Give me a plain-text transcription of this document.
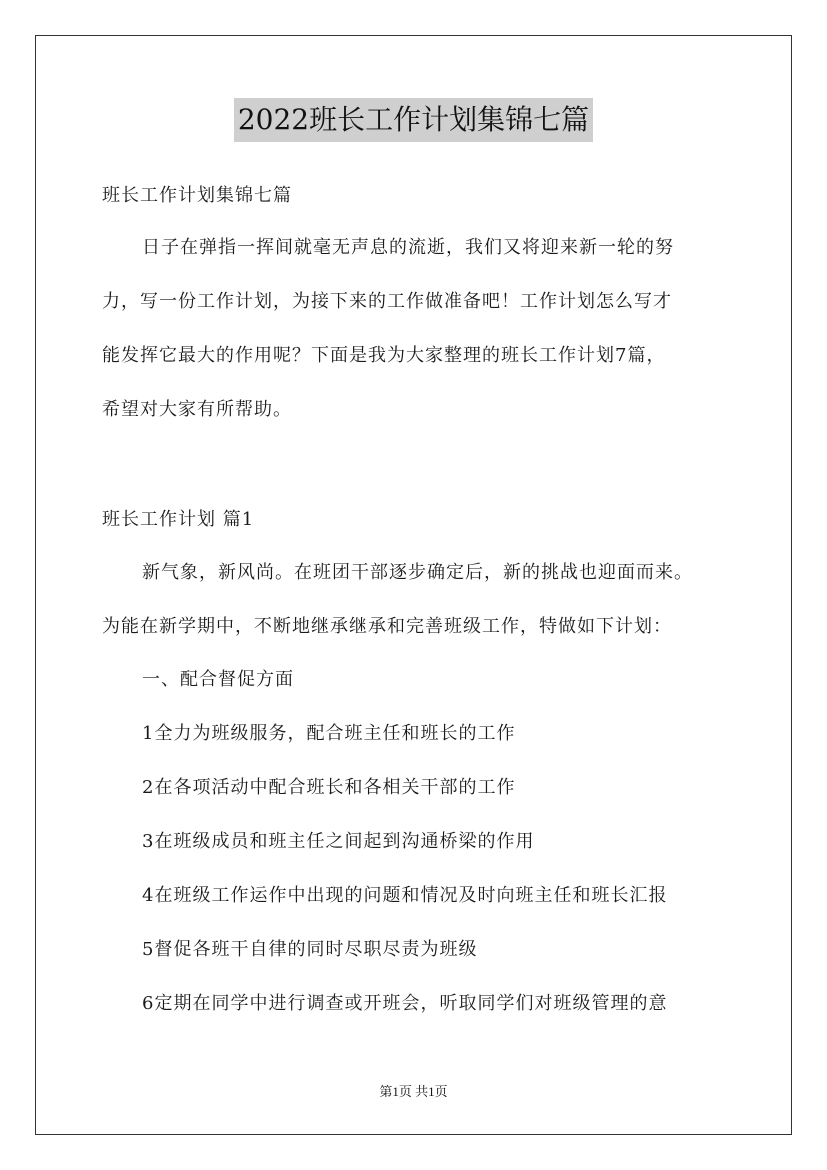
2022班长工作计划集锦七篇
班长工作计划集锦七篇
日子在弹指一挥间就毫无声息的流逝，我们又将迎来新一轮的努
力，写一份工作计划，为接下来的工作做准备吧！工作计划怎么写才
能发挥它最大的作用呢？下面是我为大家整理的班长工作计划7篇，
希望对大家有所帮助。
班长工作计划 篇1
新气象，新风尚。在班团干部逐步确定后，新的挑战也迎面而来。
为能在新学期中，不断地继承继承和完善班级工作，特做如下计划：
一、配合督促方面
1全力为班级服务，配合班主任和班长的工作
2在各项活动中配合班长和各相关干部的工作
3在班级成员和班主任之间起到沟通桥梁的作用
4在班级工作运作中出现的问题和情况及时向班主任和班长汇报
5督促各班干自律的同时尽职尽责为班级
6定期在同学中进行调查或开班会，听取同学们对班级管理的意
第1页 共1页
